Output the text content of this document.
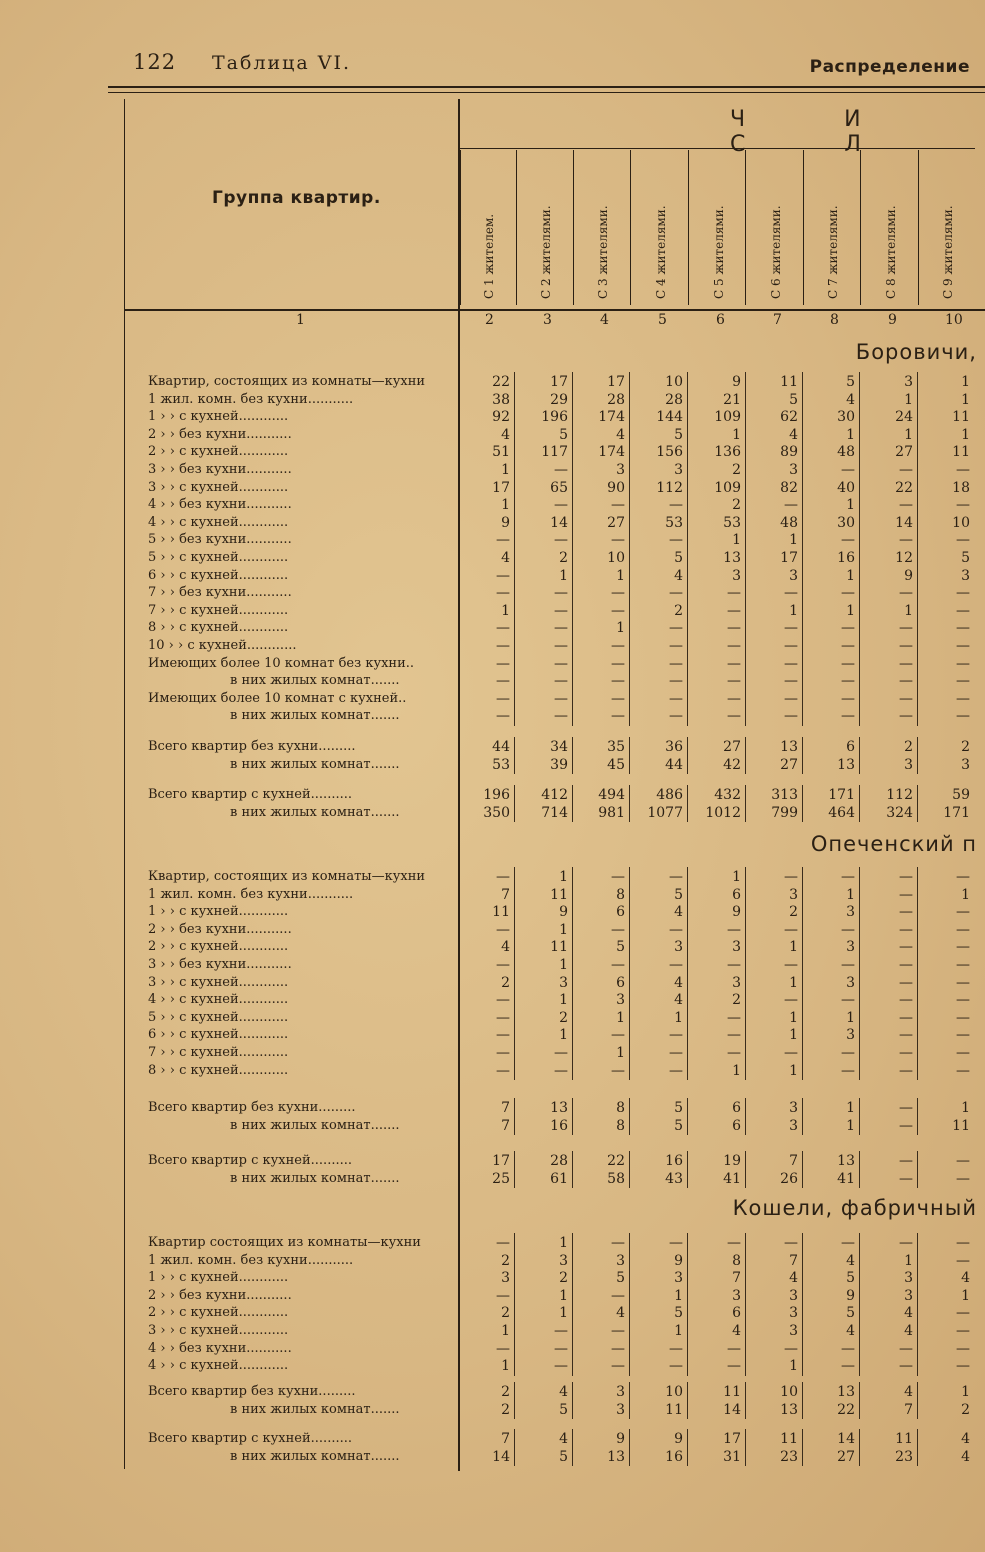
122 Таблица VI.	Распределение
Группа квартир.
Ч И С Л
С 1 жителем.	С 2 жителями.	С 3 жителями.	С 4 жителями.	С 5 жителями.	С 6 жителями.	С 7 жителями.	С 8 жителями.	С 9 жителями.
1	2	3	4	5	6	7	8	9	10
Боровичи,
Квартир, состоящих из комнаты—кухни	22	17	17	10	9	11	5	3	1
1 жил. комн. без кухни...........	38	29	28	28	21	5	4	1	1
1 › › с кухней............	92	196	174	144	109	62	30	24	11
2 › › без кухни...........	4	5	4	5	1	4	1	1	1
2 › › с кухней............	51	117	174	156	136	89	48	27	11
3 › › без кухни...........	1	—	3	3	2	3	—	—	—
3 › › с кухней............	17	65	90	112	109	82	40	22	18
4 › › без кухни...........	1	—	—	—	2	—	1	—	—
4 › › с кухней............	9	14	27	53	53	48	30	14	10
5 › › без кухни...........	—	—	—	—	1	1	—	—	—
5 › › с кухней............	4	2	10	5	13	17	16	12	5
6 › › с кухней............	—	1	1	4	3	3	1	9	3
7 › › без кухни...........	—	—	—	—	—	—	—	—	—
7 › › с кухней............	1	—	—	2	—	1	1	1	—
8 › › с кухней............	—	—	1	—	—	—	—	—	—
10 › › с кухней............	—	—	—	—	—	—	—	—	—
Имеющих более 10 комнат без кухни..	—	—	—	—	—	—	—	—	—
в них жилых комнат.......	—	—	—	—	—	—	—	—	—
Имеющих более 10 комнат с кухней..	—	—	—	—	—	—	—	—	—
в них жилых комнат.......	—	—	—	—	—	—	—	—	—
Всего квартир без кухни.........	44	34	35	36	27	13	6	2	2
в них жилых комнат.......	53	39	45	44	42	27	13	3	3
Всего квартир с кухней..........	196	412	494	486	432	313	171	112	59
в них жилых комнат.......	350	714	981	1077	1012	799	464	324	171
Опеченский п
Квартир, состоящих из комнаты—кухни	—	1	—	—	1	—	—	—	—
1 жил. комн. без кухни...........	7	11	8	5	6	3	1	—	1
1 › › с кухней............	11	9	6	4	9	2	3	—	—
2 › › без кухни...........	—	1	—	—	—	—	—	—	—
2 › › с кухней............	4	11	5	3	3	1	3	—	—
3 › › без кухни...........	—	1	—	—	—	—	—	—	—
3 › › с кухней............	2	3	6	4	3	1	3	—	—
4 › › с кухней............	—	1	3	4	2	—	—	—	—
5 › › с кухней............	—	2	1	1	—	1	1	—	—
6 › › с кухней............	—	1	—	—	—	1	3	—	—
7 › › с кухней............	—	—	1	—	—	—	—	—	—
8 › › с кухней............	—	—	—	—	1	1	—	—	—
Всего квартир без кухни.........	7	13	8	5	6	3	1	—	1
в них жилых комнат.......	7	16	8	5	6	3	1	—	11
Всего квартир с кухней..........	17	28	22	16	19	7	13	—	—
в них жилых комнат.......	25	61	58	43	41	26	41	—	—
Кошели, фабричный
Квартир состоящих из комнаты—кухни	—	1	—	—	—	—	—	—	—
1 жил. комн. без кухни...........	2	3	3	9	8	7	4	1	—
1 › › с кухней............	3	2	5	3	7	4	5	3	4
2 › › без кухни...........	—	1	—	1	3	3	9	3	1
2 › › с кухней............	2	1	4	5	6	3	5	4	—
3 › › с кухней............	1	—	—	1	4	3	4	4	—
4 › › без кухни...........	—	—	—	—	—	—	—	—	—
4 › › с кухней............	1	—	—	—	—	1	—	—	—
Всего квартир без кухни.........	2	4	3	10	11	10	13	4	1
в них жилых комнат.......	2	5	3	11	14	13	22	7	2
Всего квартир с кухней..........	7	4	9	9	17	11	14	11	4
в них жилых комнат.......	14	5	13	16	31	23	27	23	4
